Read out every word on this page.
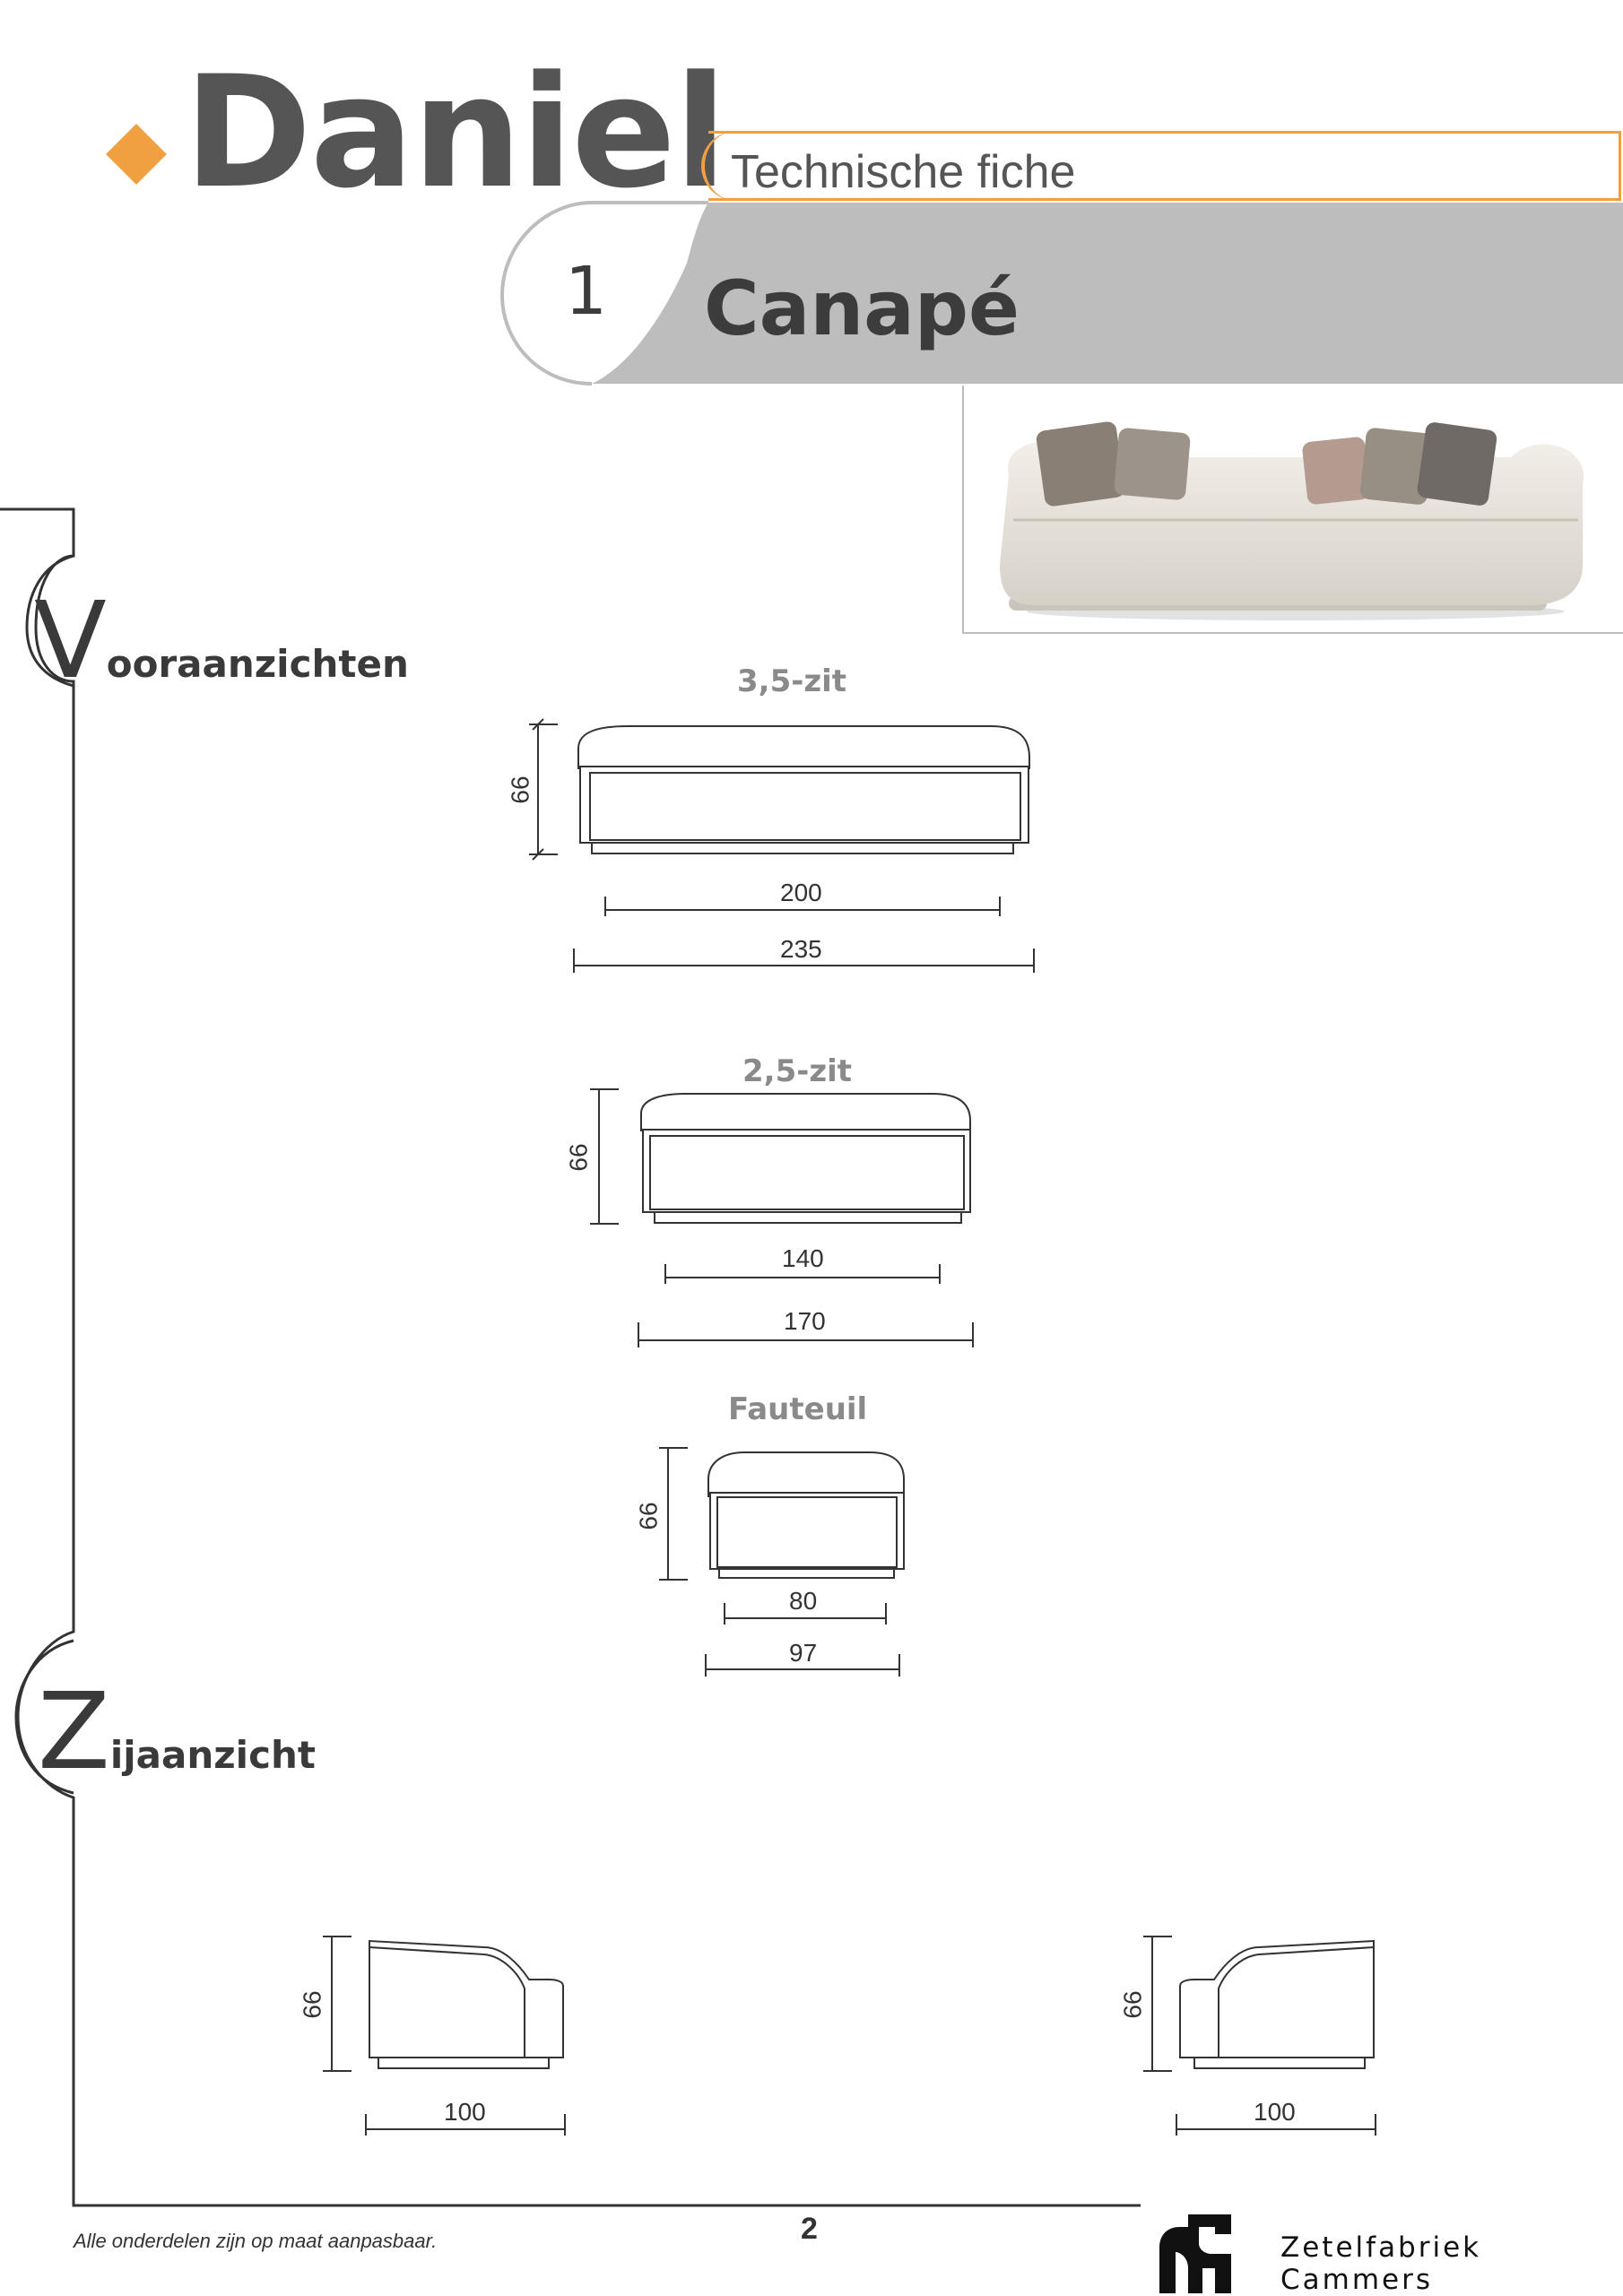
Daniel Technische fiche
1 Canapé
Vooraanzichten
Zijaanzicht
3,5-zit
66
200
235
2,5-zit
66
140
170
Fauteuil
66
80
97
66
100
66
100
Alle onderdelen zijn op maat aanpasbaar.	2
Zetelfabriek Cammers
